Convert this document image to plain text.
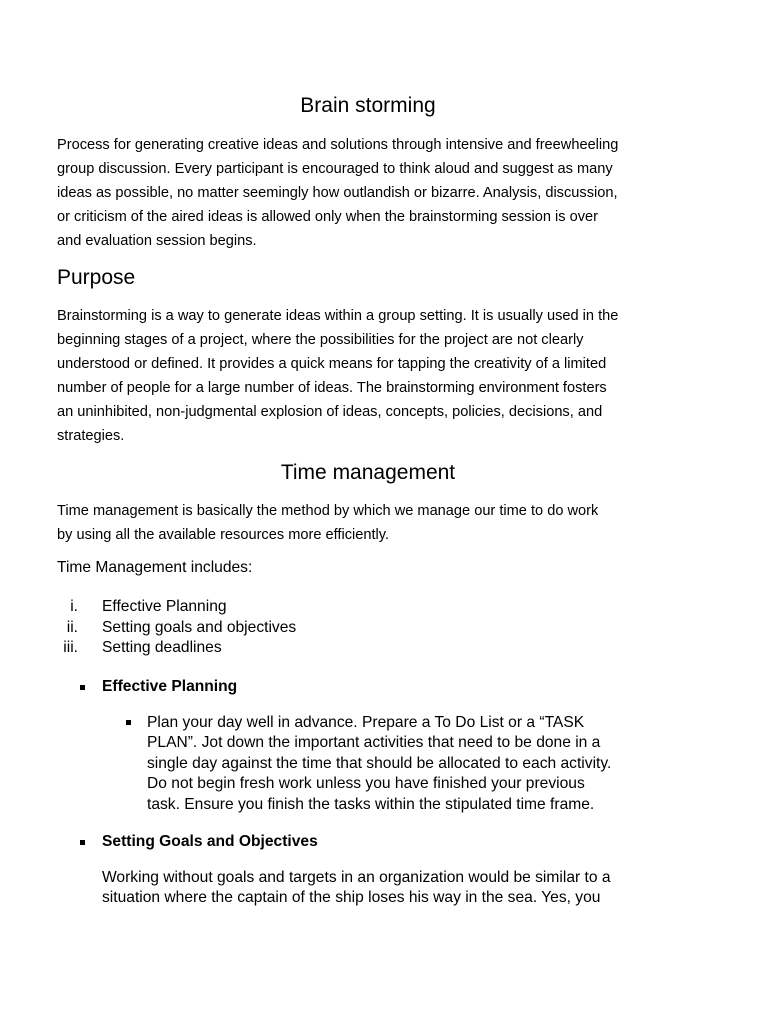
Brain storming
Process for generating creative ideas and solutions through intensive and freewheeling
group discussion. Every participant is encouraged to think aloud and suggest as many
ideas as possible, no matter seemingly how outlandish or bizarre. Analysis, discussion,
or criticism of the aired ideas is allowed only when the brainstorming session is over
and evaluation session begins.
Purpose
Brainstorming is a way to generate ideas within a group setting. It is usually used in the
beginning stages of a project, where the possibilities for the project are not clearly
understood or defined. It provides a quick means for tapping the creativity of a limited
number of people for a large number of ideas. The brainstorming environment fosters
an uninhibited, non-judgmental explosion of ideas, concepts, policies, decisions, and
strategies.
Time management
Time management is basically the method by which we manage our time to do work
by using all the available resources more efficiently.
Time Management includes:
i. Effective Planning
ii. Setting goals and objectives
iii. Setting deadlines
Effective Planning
Plan your day well in advance. Prepare a To Do List or a “TASK
PLAN”. Jot down the important activities that need to be done in a
single day against the time that should be allocated to each activity.
Do not begin fresh work unless you have finished your previous
task. Ensure you finish the tasks within the stipulated time frame.
Setting Goals and Objectives
Working without goals and targets in an organization would be similar to a
situation where the captain of the ship loses his way in the sea. Yes, you
